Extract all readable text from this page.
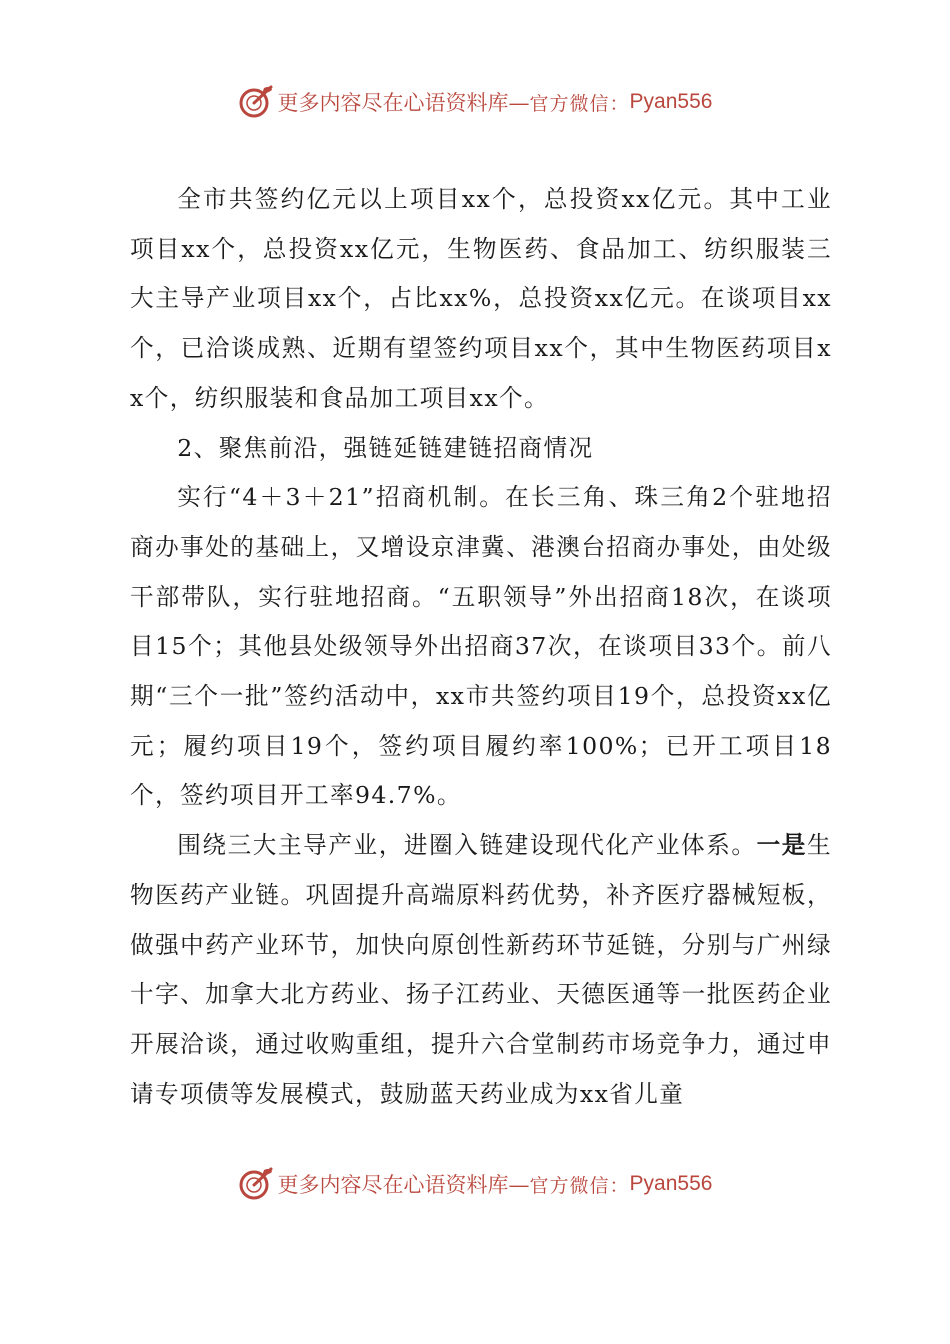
更多内容尽在心语资料库— 官方微信： Pyan556

全市共签约亿元以上项目xx个，总投资xx亿元。其中工业项目xx个，总投资xx亿元，生物医药、食品加工、纺织服装三大主导产业项目xx个，占比xx%，总投资xx亿元。在谈项目xx个，已洽谈成熟、近期有望签约项目xx个，其中生物医药项目xx个，纺织服装和食品加工项目xx个。

2、聚焦前沿，强链延链建链招商情况

实行“4＋3＋21”招商机制。在长三角、珠三角2个驻地招商办事处的基础上，又增设京津冀、港澳台招商办事处，由处级干部带队，实行驻地招商。“五职领导”外出招商18次，在谈项目15个；其他县处级领导外出招商37次，在谈项目33个。前八期“三个一批”签约活动中，xx市共签约项目19个，总投资xx亿元；履约项目19个，签约项目履约率100%；已开工项目18个，签约项目开工率94.7%。

围绕三大主导产业，进圈入链建设现代化产业体系。一是生物医药产业链。巩固提升高端原料药优势，补齐医疗器械短板，做强中药产业环节，加快向原创性新药环节延链，分别与广州绿十字、加拿大北方药业、扬子江药业、天德医通等一批医药企业开展洽谈，通过收购重组，提升六合堂制药市场竞争力，通过申请专项债等发展模式，鼓励蓝天药业成为xx省儿童

更多内容尽在心语资料库— 官方微信： Pyan556
